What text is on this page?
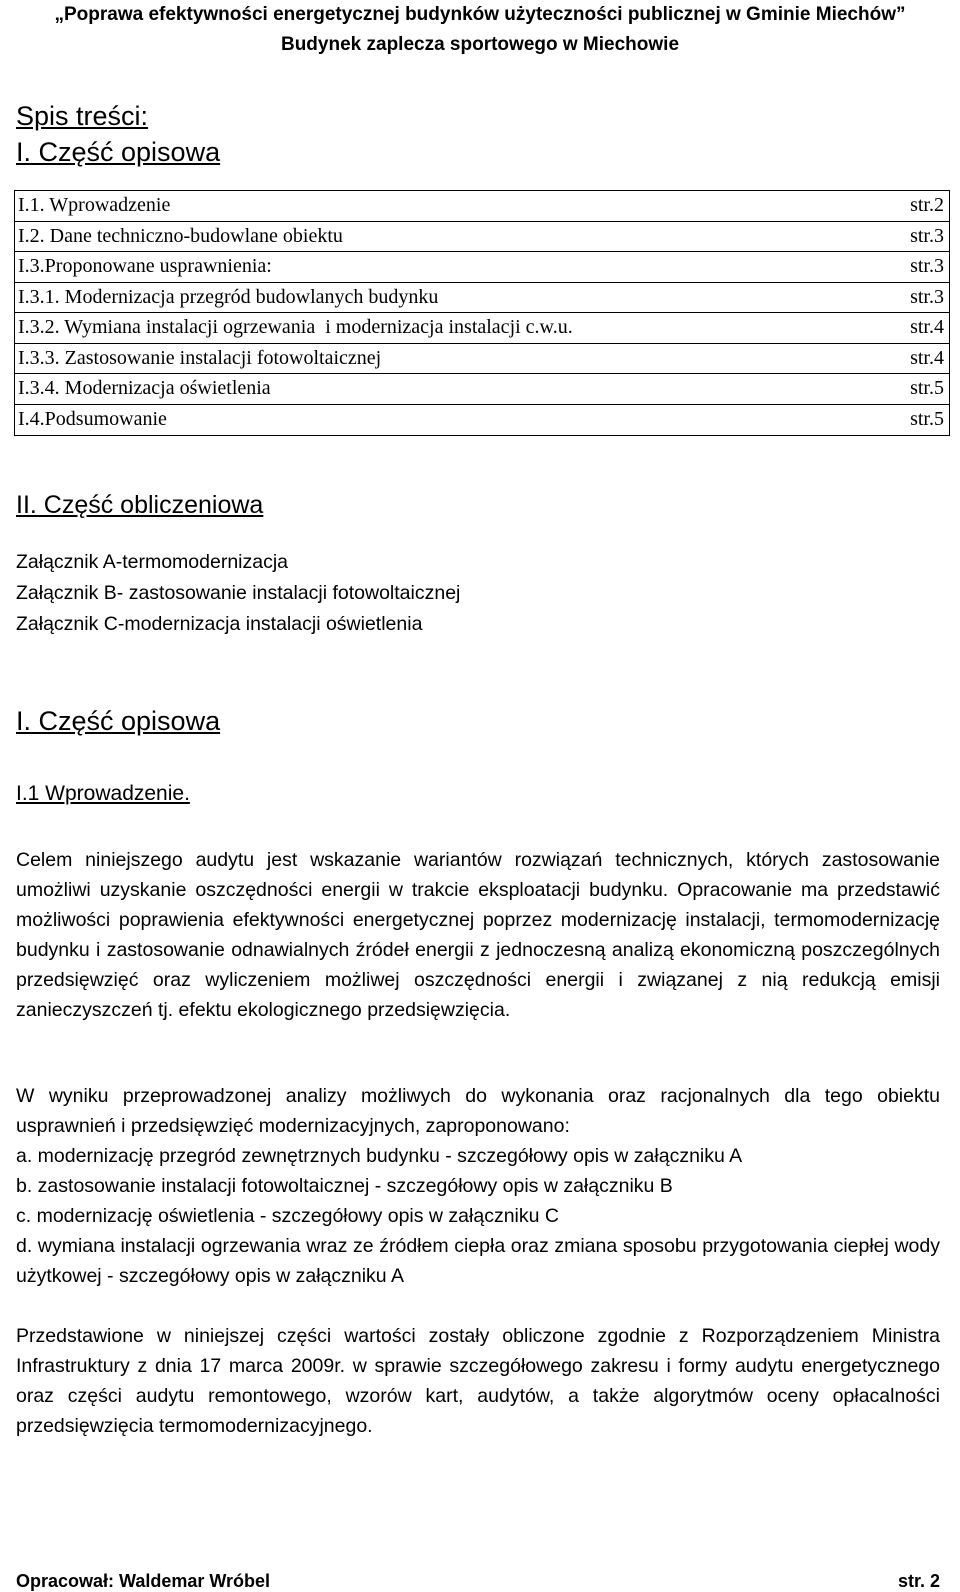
„Poprawa efektywności energetycznej budynków użyteczności publicznej w Gminie Miechów”
Budynek zaplecza sportowego w Miechowie
Spis treści:
I. Część opisowa
I.1. Wprowadzenie	str.2
I.2. Dane techniczno-budowlane obiektu	str.3
I.3.Proponowane usprawnienia:	str.3
I.3.1. Modernizacja przegród budowlanych budynku	str.3
I.3.2. Wymiana instalacji ogrzewania  i modernizacja instalacji c.w.u.	str.4
I.3.3. Zastosowanie instalacji fotowoltaicznej	str.4
I.3.4. Modernizacja oświetlenia	str.5
I.4.Podsumowanie	str.5
II. Część obliczeniowa
Załącznik A-termomodernizacja
Załącznik B- zastosowanie instalacji fotowoltaicznej
Załącznik C-modernizacja instalacji oświetlenia
I. Część opisowa
I.1 Wprowadzenie.

Celem niniejszego audytu jest wskazanie wariantów rozwiązań technicznych, których zastosowanie umożliwi uzyskanie oszczędności energii w trakcie eksploatacji budynku. Opracowanie ma przedstawić możliwości poprawienia efektywności energetycznej poprzez modernizację instalacji, termomodernizację budynku i zastosowanie odnawialnych źródeł energii z jednoczesną analizą ekonomiczną poszczególnych przedsięwzięć oraz wyliczeniem możliwej oszczędności energii i związanej z nią redukcją emisji zanieczyszczeń tj. efektu ekologicznego przedsięwzięcia.

W wyniku przeprowadzonej analizy możliwych do wykonania oraz racjonalnych dla tego obiektu usprawnień i przedsięwzięć modernizacyjnych, zaproponowano:

a. modernizację przegród zewnętrznych budynku - szczegółowy opis w załączniku A
b. zastosowanie instalacji fotowoltaicznej - szczegółowy opis w załączniku B
c. modernizację oświetlenia - szczegółowy opis w załączniku C
d. wymiana instalacji ogrzewania wraz ze źródłem ciepła oraz zmiana sposobu przygotowania ciepłej wody użytkowej - szczegółowy opis w załączniku A

Przedstawione w niniejszej części wartości zostały obliczone zgodnie z Rozporządzeniem Ministra Infrastruktury z dnia 17 marca 2009r. w sprawie szczegółowego zakresu i formy audytu energetycznego oraz części audytu remontowego, wzorów kart, audytów, a także algorytmów oceny opłacalności przedsięwzięcia termomodernizacyjnego.

Opracował: Waldemar Wróbel	str. 2
